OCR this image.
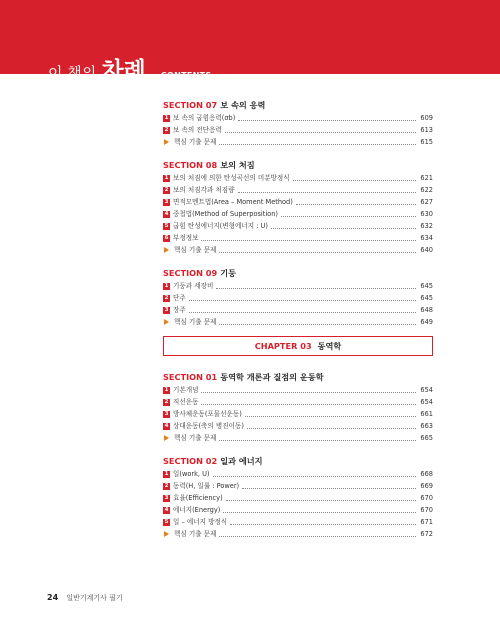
이 책의 차례 CONTENTS
SECTION 07 보 속의 응력
1 보 속의 굽힘응력(σb)	609
2 보 속의 전단응력	613
핵심 기출 문제	615
SECTION 08 보의 처짐
1 보의 처짐에 의한 탄성곡선의 미분방정식	621
2 보의 처짐각과 처짐량	622
3 면적모멘트법(Area – Moment Method)	627
4 중첩법(Method of Superposition)	630
5 굽힘 탄성에너지(변형에너지 : U)	632
6 부정정보	634
핵심 기출 문제	640
SECTION 09 기둥
1 기둥과 세장비	645
2 단주	645
3 장주	648
핵심 기출 문제	649
CHAPTER 03 동역학
SECTION 01 동역학 개론과 질점의 운동학
1 기본개념	654
2 직선운동	654
3 방사체운동(포물선운동)	661
4 상대운동(축의 병진이동)	663
핵심 기출 문제	665
SECTION 02 일과 에너지
1 일(work, U)	668
2 동력(H, 일률 : Power)	669
3 효율(Efficiency)	670
4 에너지(Energy)	670
5 일 – 에너지 방정식	671
핵심 기출 문제	672
24 일반기계기사 필기
